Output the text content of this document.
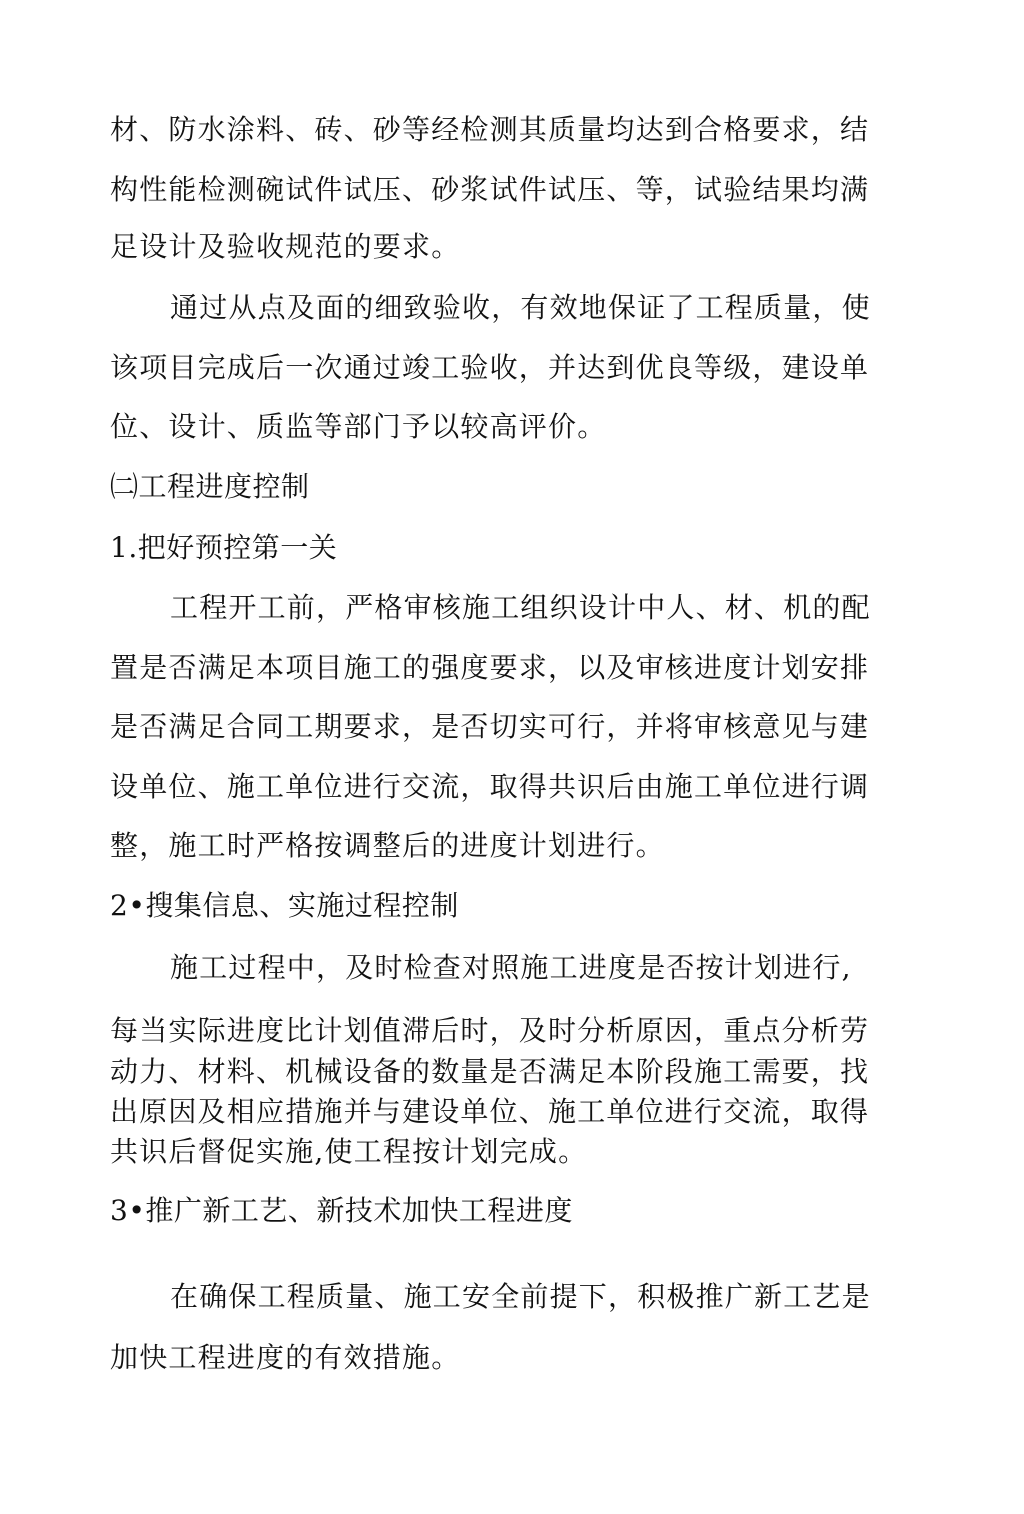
材、防水涂料、砖、砂等经检测其质量均达到合格要求，结
构性能检测碗试件试压、砂浆试件试压、等，试验结果均满
足设计及验收规范的要求。
通过从点及面的细致验收，有效地保证了工程质量，使
该项目完成后一次通过竣工验收，并达到优良等级，建设单
位、设计、质监等部门予以较高评价。
㈡工程进度控制
1.把好预控第一关
工程开工前，严格审核施工组织设计中人、材、机的配
置是否满足本项目施工的强度要求，以及审核进度计划安排
是否满足合同工期要求，是否切实可行，并将审核意见与建
设单位、施工单位进行交流，取得共识后由施工单位进行调
整，施工时严格按调整后的进度计划进行。
2•搜集信息、实施过程控制
施工过程中，及时检查对照施工进度是否按计划进行,
每当实际进度比计划值滞后时，及时分析原因，重点分析劳
动力、材料、机械设备的数量是否满足本阶段施工需要，找
出原因及相应措施并与建设单位、施工单位进行交流，取得
共识后督促实施,使工程按计划完成。
3•推广新工艺、新技术加快工程进度
在确保工程质量、施工安全前提下，积极推广新工艺是
加快工程进度的有效措施。
